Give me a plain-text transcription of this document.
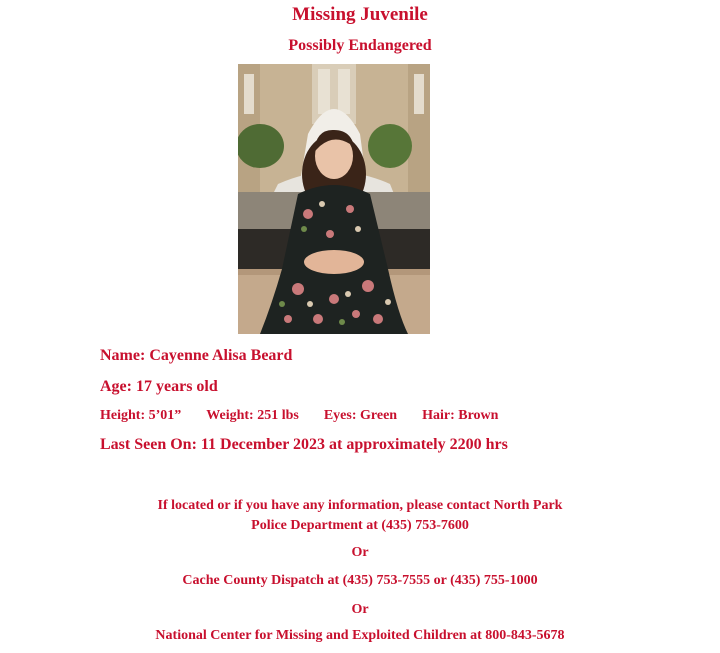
Missing Juvenile
Possibly Endangered
Name: Cayenne Alisa Beard
Age: 17 years old
Height: 5’01” Weight: 251 lbs Eyes: Green Hair: Brown
Last Seen On: 11 December 2023 at approximately 2200 hrs
If located or if you have any information, please contact North Park
Police Department at (435) 753-7600
Or
Cache County Dispatch at (435) 753-7555 or (435) 755-1000
Or
National Center for Missing and Exploited Children at 800-843-5678
